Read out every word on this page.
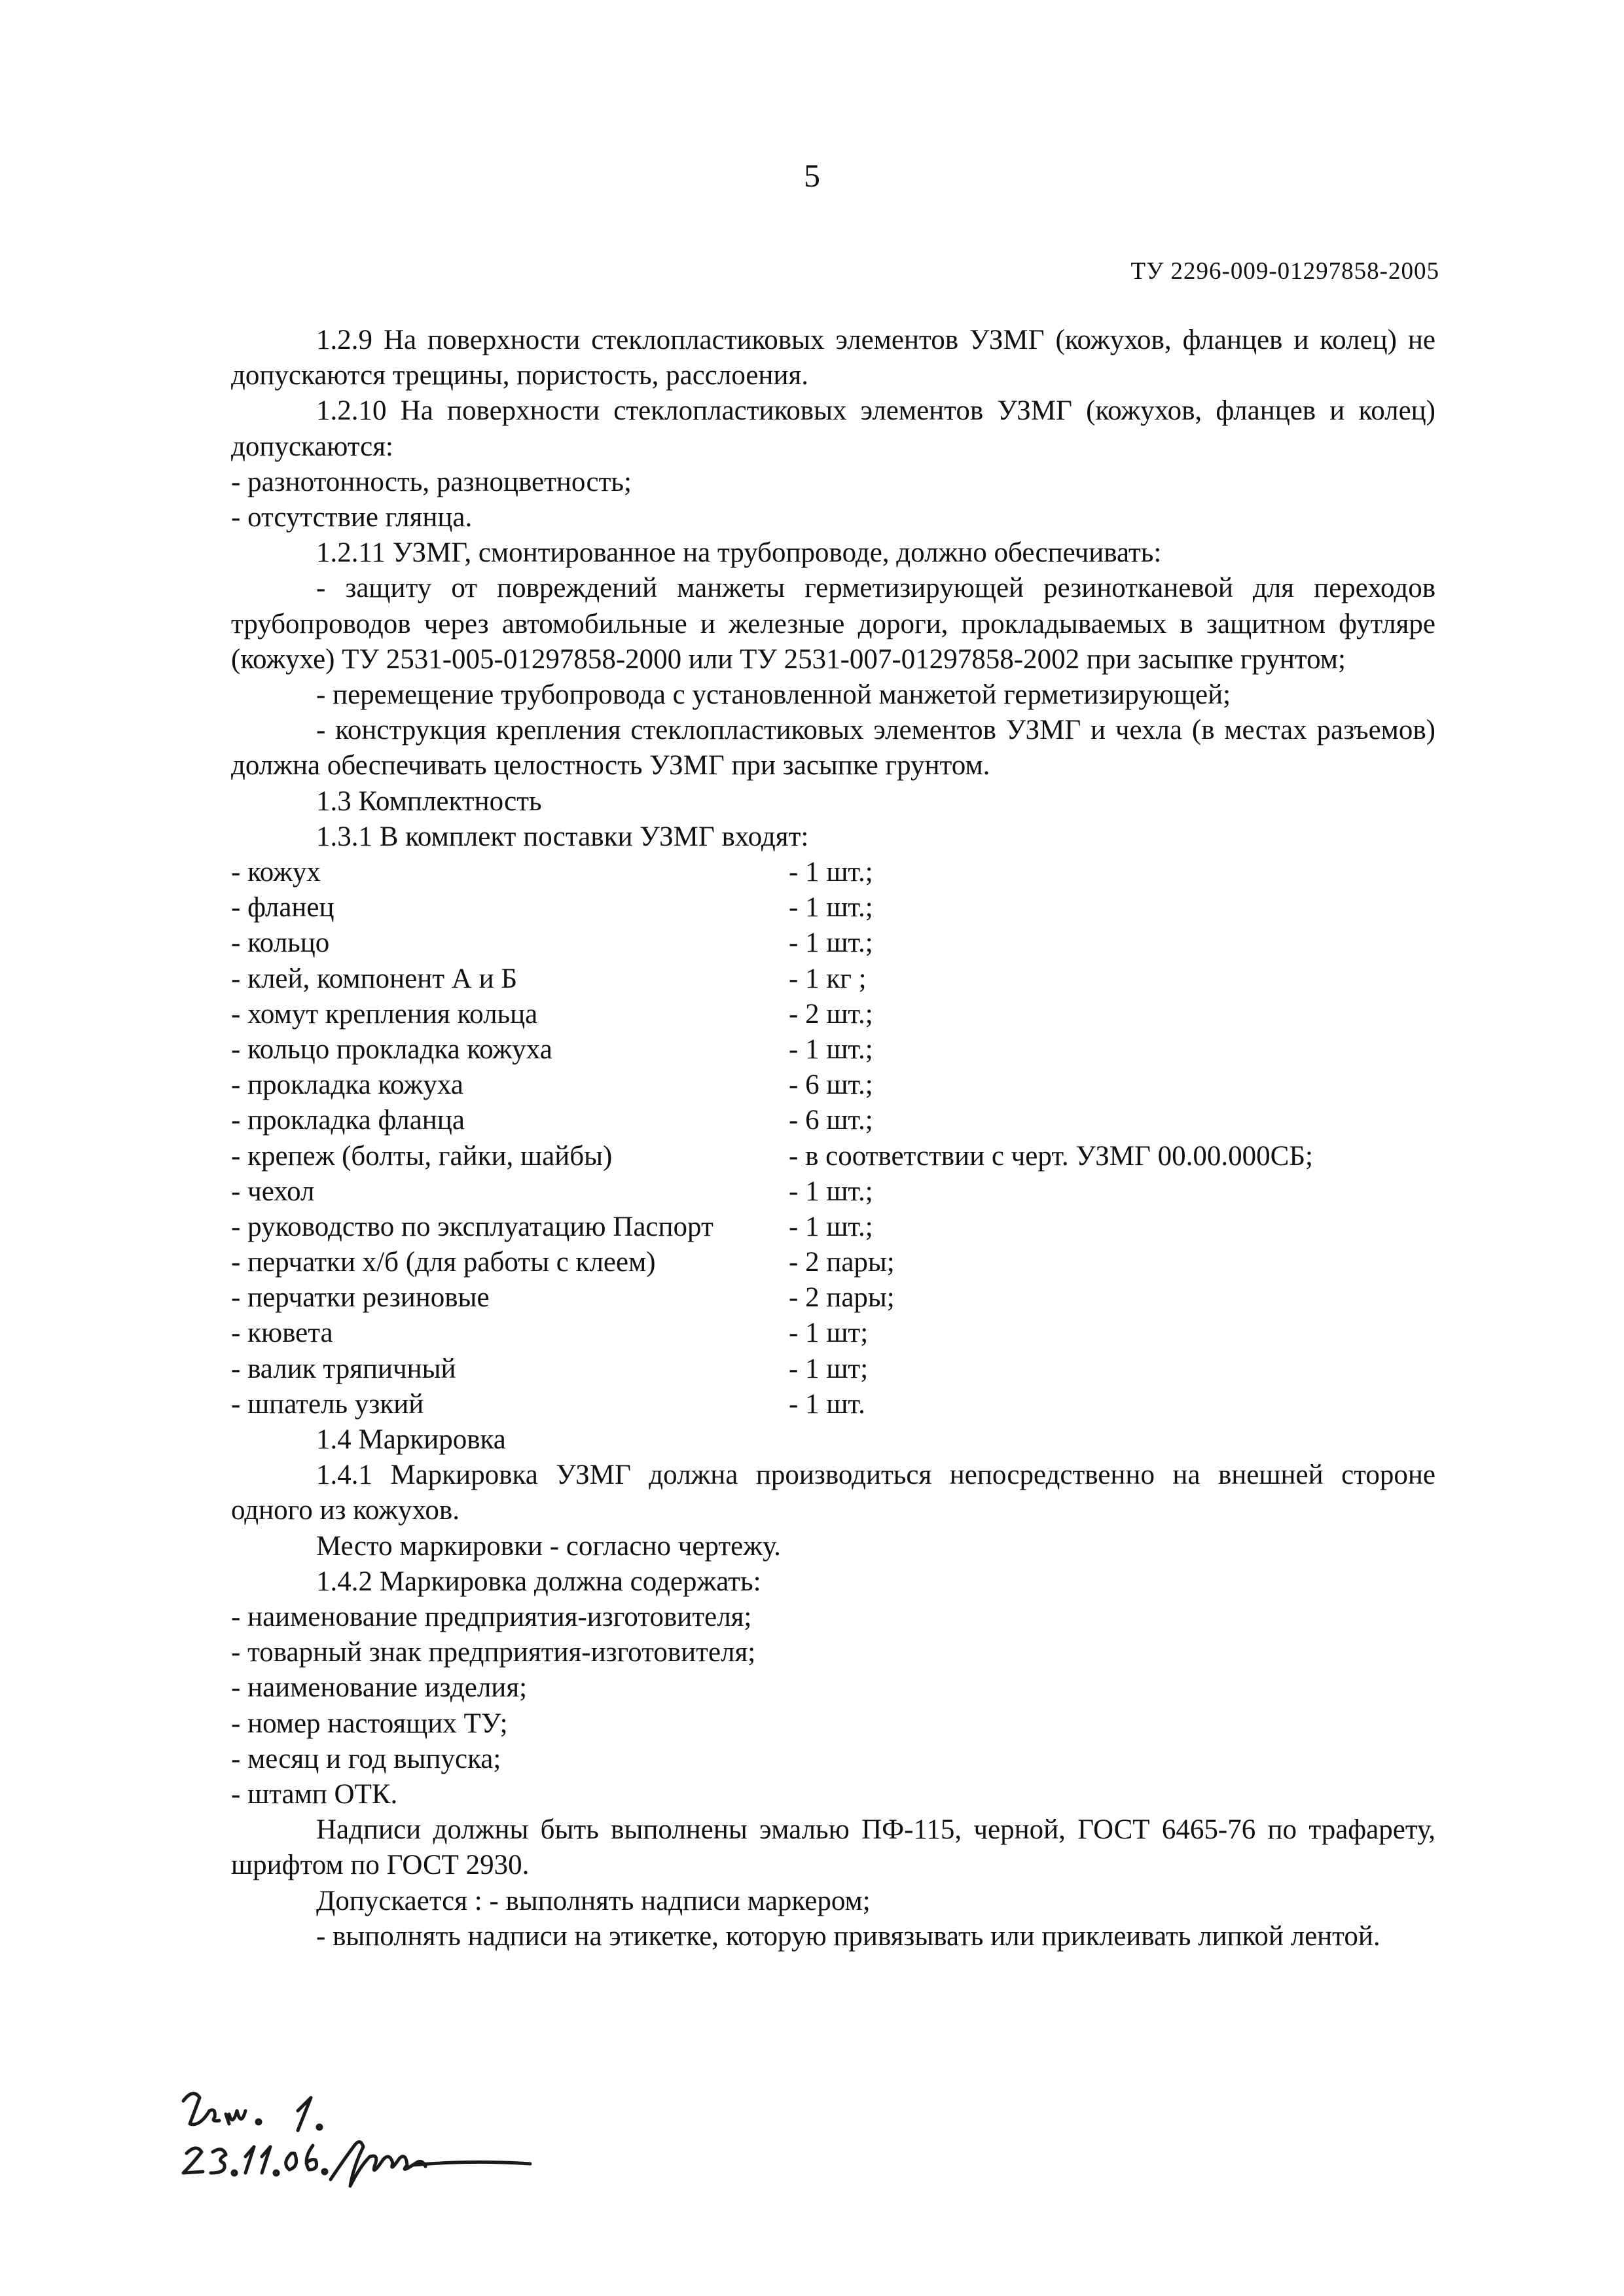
5
ТУ 2296-009-01297858-2005

1.2.9 На поверхности стеклопластиковых элементов УЗМГ (кожухов, фланцев и колец) не допускаются трещины, пористость, расслоения.

1.2.10 На поверхности стеклопластиковых элементов УЗМГ (кожухов, фланцев и колец) допускаются:

- разнотонность, разноцветность;

- отсутствие глянца.

1.2.11 УЗМГ, смонтированное на трубопроводе, должно обеспечивать:

- защиту от повреждений манжеты герметизирующей резинотканевой для переходов трубопроводов через автомобильные и железные дороги, прокладываемых в защитном футляре (кожухе) ТУ 2531-005-01297858-2000 или ТУ 2531-007-01297858-2002 при засыпке грунтом;

- перемещение трубопровода с установленной манжетой герметизирующей;

- конструкция крепления стеклопластиковых элементов УЗМГ и чехла (в местах разъемов) должна обеспечивать целостность УЗМГ при засыпке грунтом.

1.3 Комплектность

1.3.1 В комплект поставки УЗМГ входят:

- кожух	- 1 шт.;
- фланец	- 1 шт.;
- кольцо	- 1 шт.;
- клей, компонент А и Б	- 1 кг ;
- хомут крепления кольца	- 2 шт.;
- кольцо прокладка кожуха	- 1 шт.;
- прокладка кожуха	- 6 шт.;
- прокладка фланца	- 6 шт.;
- крепеж (болты, гайки, шайбы)	- в соответствии с черт. УЗМГ 00.00.000СБ;
- чехол	- 1 шт.;
- руководство по эксплуатацию Паспорт	- 1 шт.;
- перчатки х/б (для работы с клеем)	- 2 пары;
- перчатки резиновые	- 2 пары;
- кювета	- 1 шт;
- валик тряпичный	- 1 шт;
- шпатель узкий	- 1 шт.

1.4 Маркировка

1.4.1 Маркировка УЗМГ должна производиться непосредственно на внешней стороне одного из кожухов.

Место маркировки - согласно чертежу.

1.4.2 Маркировка должна содержать:

- наименование предприятия-изготовителя;

- товарный знак предприятия-изготовителя;

- наименование изделия;

- номер настоящих ТУ;

- месяц и год выпуска;

- штамп ОТК.

Надписи должны быть выполнены эмалью ПФ-115, черной, ГОСТ 6465-76 по трафарету, шрифтом по ГОСТ 2930.

Допускается : - выполнять надписи маркером;

- выполнять надписи на этикетке, которую привязывать или приклеивать липкой лентой.
